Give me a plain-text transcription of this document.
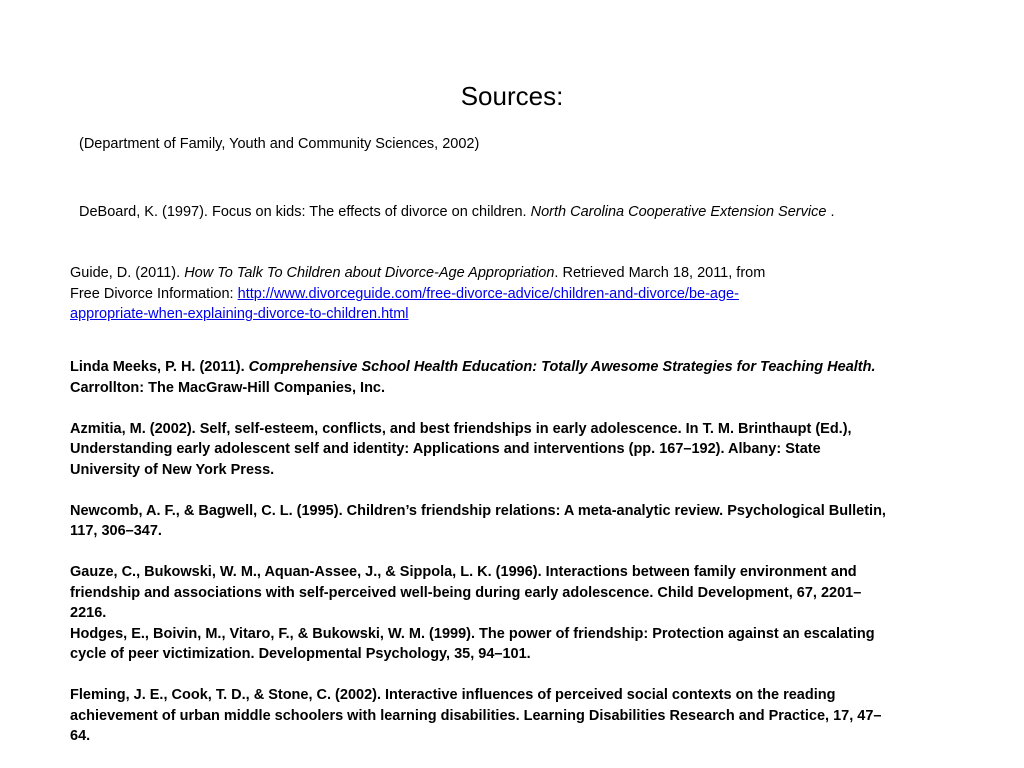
Sources:
(Department of Family, Youth and Community Sciences, 2002)
DeBoard, K. (1997). Focus on kids: The effects of divorce on children. North Carolina Cooperative Extension Service .
Guide, D. (2011). How To Talk To Children about Divorce-Age Appropriation. Retrieved March 18, 2011, from
Free Divorce Information: http://www.divorceguide.com/free-divorce-advice/children-and-divorce/be-age-
appropriate-when-explaining-divorce-to-children.html
Linda Meeks, P. H. (2011). Comprehensive School Health Education: Totally Awesome Strategies for Teaching Health.
Carrollton: The MacGraw-Hill Companies, Inc.
Azmitia, M. (2002). Self, self-esteem, conflicts, and best friendships in early adolescence. In T. M. Brinthaupt (Ed.),
Understanding early adolescent self and identity: Applications and interventions (pp. 167–192). Albany: State
University of New York Press.
Newcomb, A. F., & Bagwell, C. L. (1995). Children’s friendship relations: A meta-analytic review. Psychological Bulletin,
117, 306–347.
Gauze, C., Bukowski, W. M., Aquan-Assee, J., & Sippola, L. K. (1996). Interactions between family environment and
friendship and associations with self-perceived well-being during early adolescence. Child Development, 67, 2201–
2216.
Hodges, E., Boivin, M., Vitaro, F., & Bukowski, W. M. (1999). The power of friendship: Protection against an escalating
cycle of peer victimization. Developmental Psychology, 35, 94–101.
Fleming, J. E., Cook, T. D., & Stone, C. (2002). Interactive influences of perceived social contexts on the reading
achievement of urban middle schoolers with learning disabilities. Learning Disabilities Research and Practice, 17, 47–
64.
